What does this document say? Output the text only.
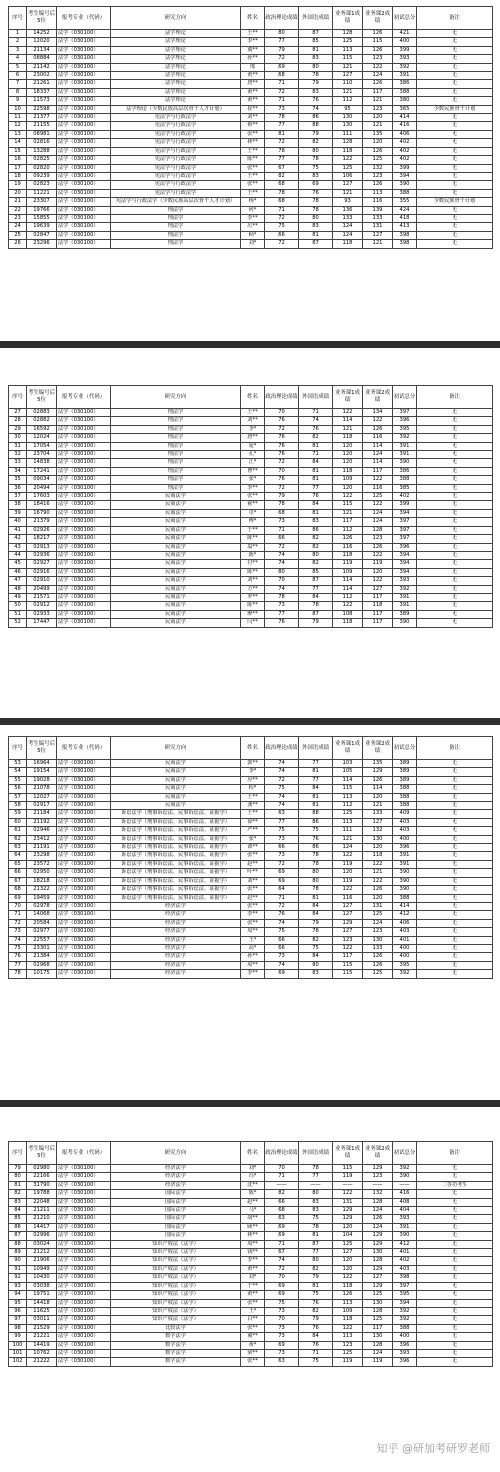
序号	考生编号后5位	报考专业（代码）	研究方向	姓名	政治理论成绩	外国语成绩	业务课1成绩	业务课2成绩	初试总分	备注
1	14252	法学（030100）	法学理论	王**	80	87	128	126	421	无
2	12020	法学（030100）	法学理论	李**	77	85	125	115	400	无
3	21134	法学（030100）	法学理论	冀**	79	81	113	126	399	无
4	08884	法学（030100）	法学理论	孙**	72	83	115	123	393	无
5	21142	法学（030100）	法学理论	邢	69	80	121	122	392	无
6	23002	法学（030100）	法学理论	黄**	68	78	127	124	391	无
7	21261	法学（030100）	法学理论	唐**	71	79	110	126	386	无
8	18337	法学（030100）	法学理论	黄**	72	83	121	117	388	无
9	11573	法学（030100）	法学理论	黄**	71	76	112	121	380	无
10	22598	法学（030100）	法学理论（少数民族高层次骨干人才计划）	崔**	73	74	95	123	365	少数民族骨干计划
11	21377	法学（030100）	宪法学与行政法学	刘**	78	86	130	120	414	无
12	21155	法学（030100）	宪法学与行政法学	蔡**	77	88	130	121	416	无
13	08981	法学（030100）	宪法学与行政法学	张**	81	79	111	135	406	无
14	02816	法学（030100）	宪法学与行政法学	林**	72	82	128	120	402	无
15	13288	法学（030100）	宪法学与行政法学	王**	78	80	118	126	402	无
16	02825	法学（030100）	宪法学与行政法学	陈**	77	78	122	125	402	无
17	02820	法学（030100）	宪法学与行政法学	张**	67	75	125	132	399	无
18	09239	法学（030100）	宪法学与行政法学	王**	82	83	106	123	394	无
19	02823	法学（030100）	宪法学与行政法学	张**	68	69	127	126	390	无
20	11221	法学（030100）	宪法学与行政法学	王**	78	76	121	113	388	无
21	23307	法学（030100）	宪法学与行政法学（少数民族高层次骨干人才计划）	杨*	68	78	93	116	355	少数民族骨干计划
22	19766	法学（030100）	刑法学	何*	71	78	136	139	424	无
23	15855	法学（030100）	刑法学	李**	72	80	133	133	418	无
24	19639	法学（030100）	刑法学	厉**	75	83	124	131	413	无
25	02847	法学（030100）	刑法学	顾*	66	81	124	127	398	无
26	23296	法学（030100）	刑法学	刘*	72	87	118	121	398	无
序号	考生编号后5位	报考专业（代码）	研究方向	姓名	政治理论成绩	外国语成绩	业务课1成绩	业务课2成绩	初试总分	备注
27	02883	法学（030100）	刑法学	王**	70	71	122	134	397	无
28	02882	法学（030100）	刑法学	刘**	76	74	114	122	396	无
29	16592	法学（030100）	刑法学	李*	72	76	121	126	395	无
30	12024	法学（030100）	刑法学	唐**	76	82	118	116	392	无
31	17054	法学（030100）	刑法学	庞*	76	81	120	114	391	无
32	23704	法学（030100）	刑法学	孔*	76	71	120	124	391	无
33	14838	法学（030100）	刑法学	江*	72	84	120	114	390	无
34	17241	法学（030100）	刑法学	曹**	70	81	118	117	386	无
35	09034	法学（030100）	刑法学	张*	76	81	109	122	388	无
36	20494	法学（030100）	刑法学	李**	72	77	120	116	385	无
37	17603	法学（030100）	民商法学	张**	79	76	122	125	402	无
38	18416	法学（030100）	民商法学	翟**	78	84	115	122	399	无
39	16790	法学（030100）	民商法学	卓*	68	81	121	124	394	无
40	21379	法学（030100）	民商法学	傅*	73	83	117	124	397	无
41	02926	法学（030100）	民商法学	于**	71	86	112	128	397	无
42	18217	法学（030100）	民商法学	陈**	66	82	126	123	397	无
43	02913	法学（030100）	民商法学	翁**	72	82	116	126	396	无
44	02936	法学（030100）	民商法学	陈*	74	80	118	122	394	无
45	02927	法学（030100）	民商法学	付**	74	82	119	119	394	无
46	02916	法学（030100）	民商法学	陈**	80	85	109	120	394	无
47	02910	法学（030100）	民商法学	刘**	70	87	114	122	393	无
48	20499	法学（030100）	民商法学	方**	74	77	114	127	392	无
49	21571	法学（030100）	民商法学	罗**	78	84	112	117	391	无
50	02912	法学（030100）	民商法学	陈**	73	78	122	118	391	无
51	02933	法学（030100）	民商法学	廖**	77	87	108	117	389	无
52	17447	法学（030100）	民商法学	闫**	76	79	118	117	390	无
序号	考生编号后5位	报考专业（代码）	研究方向	姓名	政治理论成绩	外国语成绩	业务课1成绩	业务课2成绩	初试总分	备注
53	16964	法学（030100）	民商法学	郭**	74	77	103	135	389	无
54	19154	法学（030100）	民商法学	李*	74	81	105	129	389	无
55	19028	法学（030100）	民商法学	应**	72	77	114	126	389	无
56	21078	法学（030100）	民商法学	程*	75	84	115	114	388	无
57	12027	法学（030100）	民商法学	王**	74	81	113	120	388	无
58	02917	法学（030100）	民商法学	龚**	74	81	112	121	388	无
59	21184	法学（030100）	诉讼法学（刑事诉讼法、民事诉讼法、证据学）	王**	63	88	125	133	409	无
60	21192	法学（030100）	诉讼法学（刑事诉讼法、民事诉讼法、证据学）	徐**	77	86	113	127	403	无
61	02946	法学（030100）	诉讼法学（刑事诉讼法、民事诉讼法、证据学）	严**	75	75	111	132	403	无
62	23412	法学（030100）	诉讼法学（刑事诉讼法、民事诉讼法、证据学）	张*	73	76	121	130	400	无
63	21191	法学（030100）	诉讼法学（刑事诉讼法、民事诉讼法、证据学）	谭**	66	86	124	120	396	无
64	23298	法学（030100）	诉讼法学（刑事诉讼法、民事诉讼法、证据学）	张**	73	78	122	118	391	无
65	23572	法学（030100）	诉讼法学（刑事诉讼法、民事诉讼法、证据学）	赵**	72	78	119	122	391	无
66	02950	法学（030100）	诉讼法学（刑事诉讼法、民事诉讼法、证据学）	叶**	69	80	120	121	390	无
67	18218	法学（030100）	诉讼法学（刑事诉讼法、民事诉讼法、证据学）	刘**	69	80	119	122	390	无
68	21322	法学（030100）	诉讼法学（刑事诉讼法、民事诉讼法、证据学）	张**	64	78	122	126	390	无
69	19459	法学（030100）	诉讼法学（刑事诉讼法、民事诉讼法、证据学）	赵**	71	81	116	120	388	无
70	02978	法学（030100）	经济法学	张**	72	84	127	131	414	无
71	14068	法学（030100）	经济法学	李**	76	84	127	125	412	无
72	20584	法学（030100）	经济法学	张**	74	79	129	124	406	无
73	02977	法学（030100）	经济法学	周**	75	78	127	123	403	无
74	22557	法学（030100）	经济法学	王*	66	82	123	130	401	无
75	23301	法学（030100）	经济法学	高*	66	75	122	133	400	无
76	21384	法学（030100）	经济法学	孙**	73	84	117	126	400	无
77	02968	法学（030100）	经济法学	周**	74	80	115	126	395	无
78	10175	法学（030100）	经济法学	李**	69	83	115	125	392	无
序号	考生编号后5位	报考专业（代码）	研究方向	姓名	政治理论成绩	外国语成绩	业务课1成绩	业务课2成绩	初试总分	备注
79	02980	法学（030100）	经济法学	刘*	70	78	115	129	392	无
80	22166	法学（030100）	经济法学	冯*	71	77	119	123	390	无
81	31790	法学（030100）	经济法学	沈**	——	——	——	——	——	二等功考生
82	19788	法学（030100）	国际法学	陈*	82	80	122	132	416	无
83	22048	法学（030100）	国际法学	赵**	66	83	131	128	408	无
84	21211	法学（030100）	国际法学	马*	68	83	129	124	404	无
85	21210	法学（030100）	国际法学	胡**	63	75	129	126	393	无
86	14417	法学（030100）	国际法学	顾**	69	78	120	124	391	无
87	02996	法学（030100）	国际法学	林**	69	81	104	129	390	无
88	03024	法学（030100）	知识产权法（法学）	周**	71	87	125	129	412	无
89	21212	法学（030100）	知识产权法（法学）	钱**	67	77	127	130	401	无
90	21906	法学（030100）	知识产权法（法学）	李**	74	80	120	128	402	无
91	10949	法学（030100）	知识产权法（法学）	黄**	72	82	120	129	403	无
92	10430	法学（030100）	知识产权法（法学）	刘*	70	79	122	127	398	无
93	03038	法学（030100）	知识产权法（法学）	于**	69	81	118	129	397	无
94	19751	法学（030100）	知识产权法（法学）	黄**	69	75	126	125	395	无
95	14418	法学（030100）	知识产权法（法学）	张**	75	76	113	130	394	无
96	11625	法学（030100）	知识产权法（法学）	王*	73	82	109	128	392	无
97	03011	法学（030100）	知识产权法（法学）	白**	70	79	118	125	392	无
98	21529	法学（030100）	比较法学	张**	73	76	122	117	388	无
99	21221	法学（030100）	数字法学	冀**	73	84	113	130	400	无
100	14419	法学（030100）	数字法学	黄*	69	76	123	128	396	无
101	10762	法学（030100）	数字法学	梁**	73	71	125	124	393	无
102	21222	法学（030100）	数字法学	张**	63	75	119	119	396	无
知乎 @研加考研罗老师
